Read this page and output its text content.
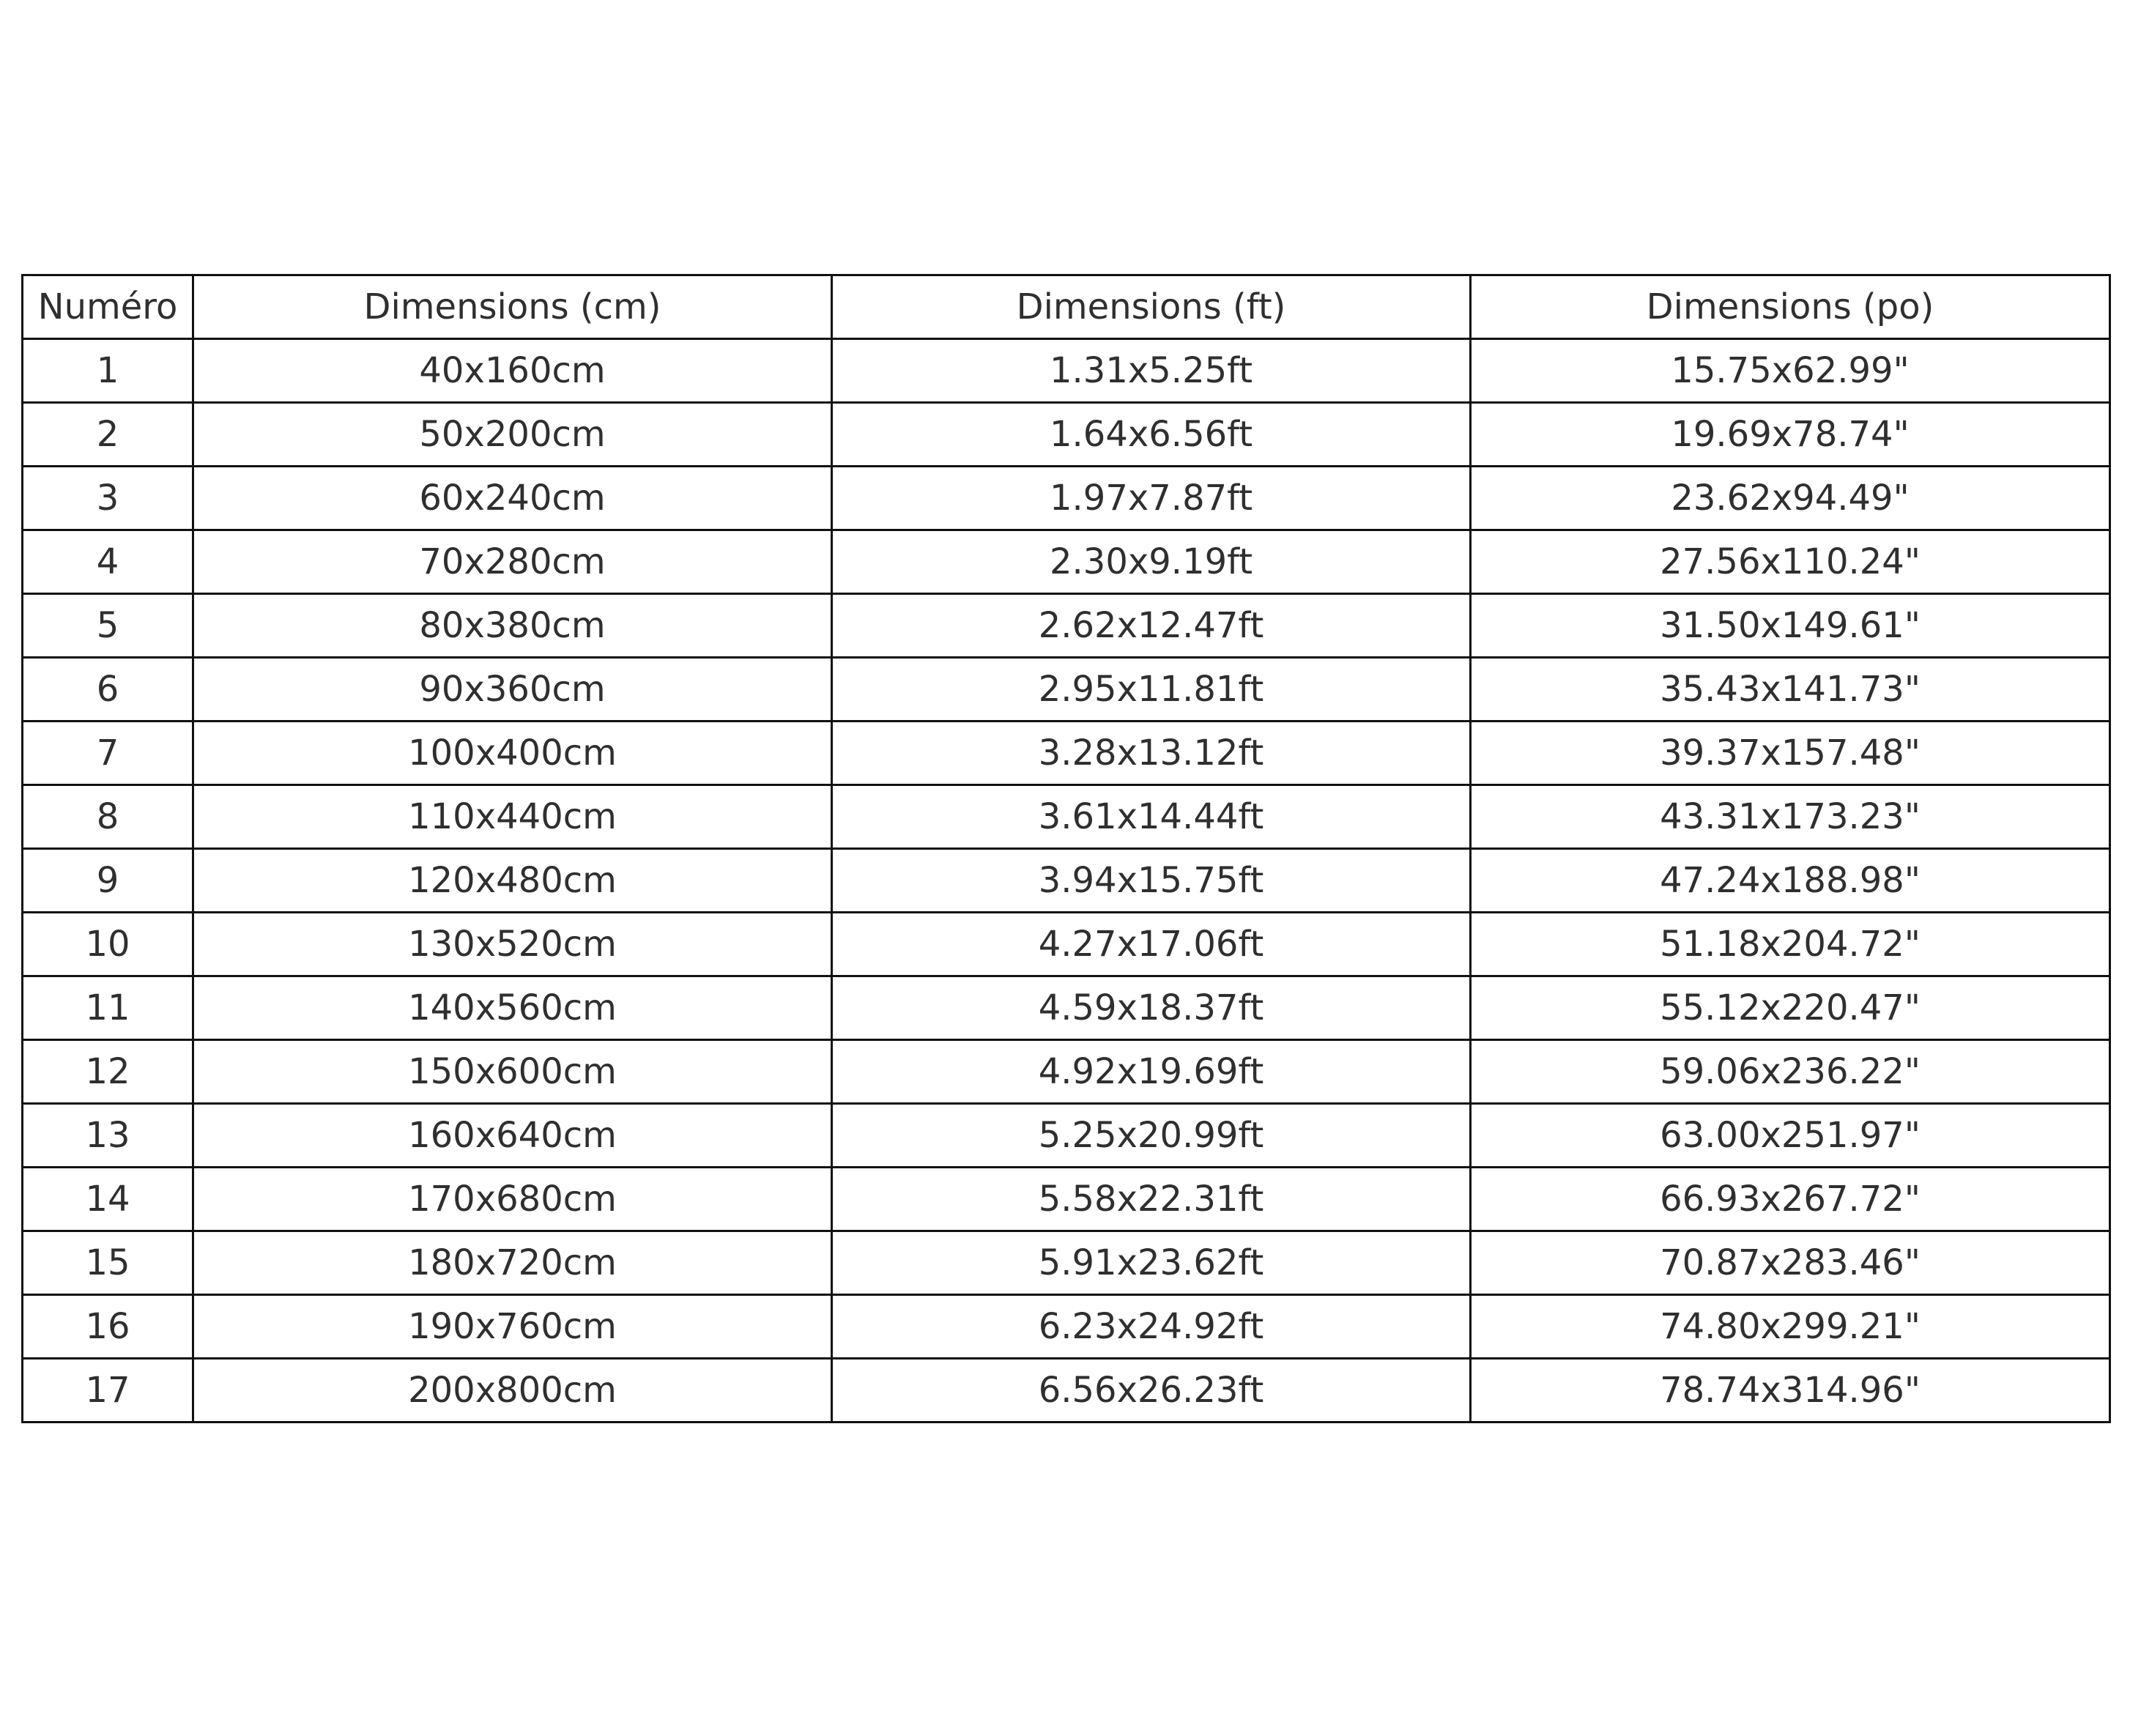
Numéro	Dimensions (cm)	Dimensions (ft)	Dimensions (po)
1	40x160cm	1.31x5.25ft	15.75x62.99"
2	50x200cm	1.64x6.56ft	19.69x78.74"
3	60x240cm	1.97x7.87ft	23.62x94.49"
4	70x280cm	2.30x9.19ft	27.56x110.24"
5	80x380cm	2.62x12.47ft	31.50x149.61"
6	90x360cm	2.95x11.81ft	35.43x141.73"
7	100x400cm	3.28x13.12ft	39.37x157.48"
8	110x440cm	3.61x14.44ft	43.31x173.23"
9	120x480cm	3.94x15.75ft	47.24x188.98"
10	130x520cm	4.27x17.06ft	51.18x204.72"
11	140x560cm	4.59x18.37ft	55.12x220.47"
12	150x600cm	4.92x19.69ft	59.06x236.22"
13	160x640cm	5.25x20.99ft	63.00x251.97"
14	170x680cm	5.58x22.31ft	66.93x267.72"
15	180x720cm	5.91x23.62ft	70.87x283.46"
16	190x760cm	6.23x24.92ft	74.80x299.21"
17	200x800cm	6.56x26.23ft	78.74x314.96"
